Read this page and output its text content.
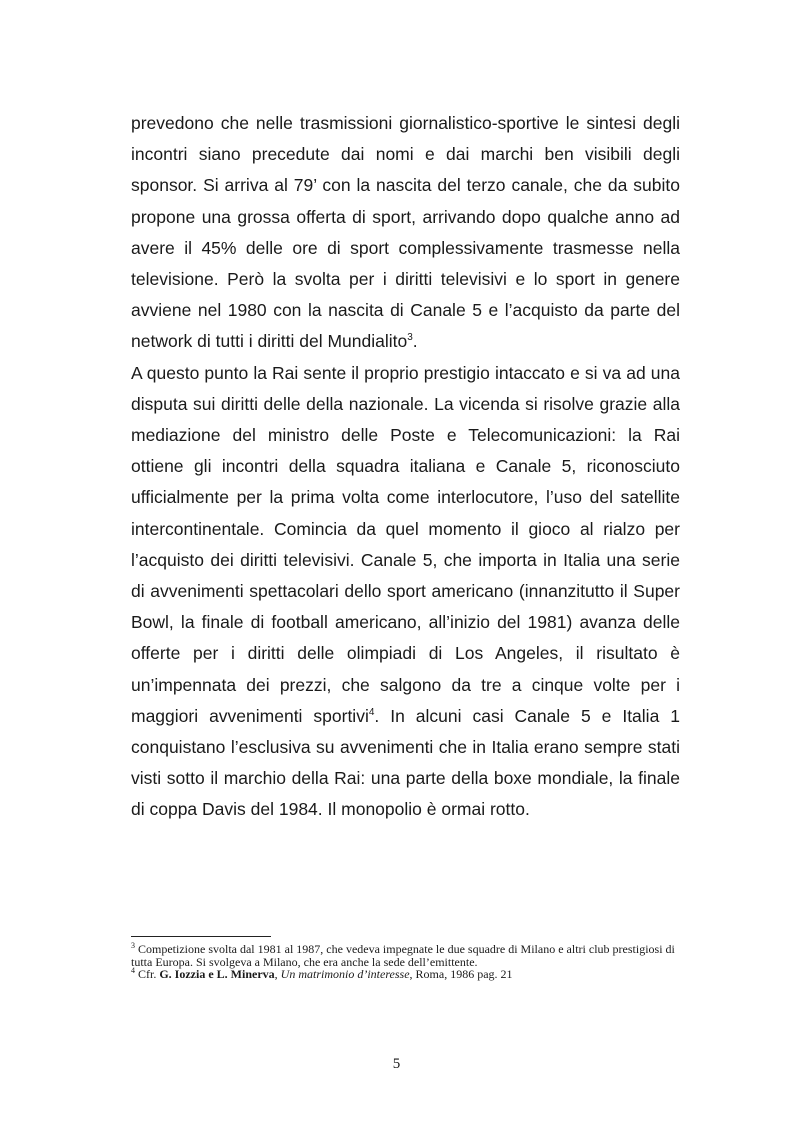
prevedono che nelle trasmissioni giornalistico-sportive le sintesi degli incontri siano precedute dai nomi e dai marchi ben visibili degli sponsor. Si arriva al 79’ con la nascita del terzo canale, che da subito propone una grossa offerta di sport, arrivando dopo qualche anno ad avere il 45% delle ore di sport complessivamente trasmesse nella televisione. Però la svolta per i diritti televisivi e lo sport in genere avviene nel 1980 con la nascita di Canale 5 e l’acquisto da parte del network di tutti i diritti del Mundialito$^3$.

A questo punto la Rai sente il proprio prestigio intaccato e si va ad una disputa sui diritti delle della nazionale. La vicenda si risolve grazie alla mediazione del ministro delle Poste e Telecomunicazioni: la Rai ottiene gli incontri della squadra italiana e Canale 5, riconosciuto ufficialmente per la prima volta come interlocutore, l’uso del satellite intercontinentale. Comincia da quel momento il gioco al rialzo per l’acquisto dei diritti televisivi. Canale 5, che importa in Italia una serie di avvenimenti spettacolari dello sport americano (innanzitutto il Super Bowl, la finale di football americano, all’inizio del 1981) avanza delle offerte per i diritti delle olimpiadi di Los Angeles, il risultato è un’impennata dei prezzi, che salgono da tre a cinque volte per i maggiori avvenimenti sportivi$^4$. In alcuni casi Canale 5 e Italia 1 conquistano l’esclusiva su avvenimenti che in Italia erano sempre stati visti sotto il marchio della Rai: una parte della boxe mondiale, la finale di coppa Davis del 1984. Il monopolio è ormai rotto.

$^3$ Competizione svolta dal 1981 al 1987, che vedeva impegnate le due squadre di Milano e altri club prestigiosi di tutta Europa. Si svolgeva a Milano, che era anche la sede dell’emittente.

$^4$ Cfr. G. Iozzia e L. Minerva, Un matrimonio d’interesse, Roma, 1986 pag. 21

5
